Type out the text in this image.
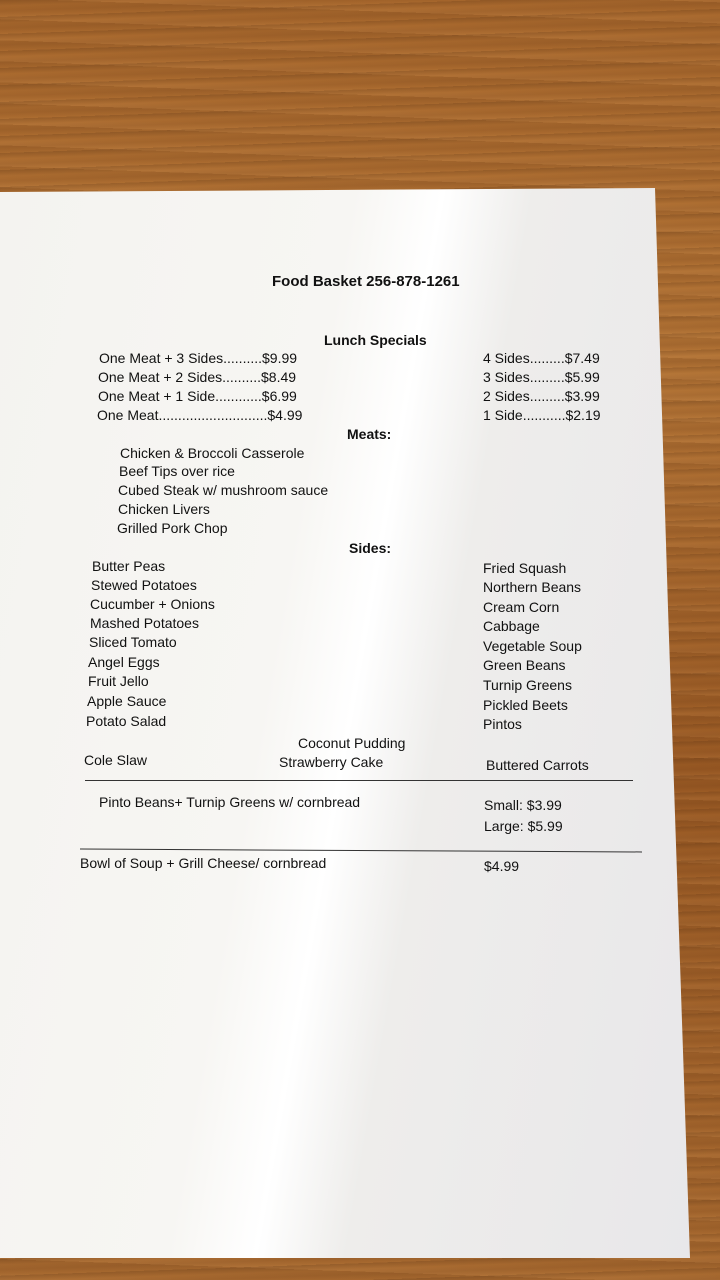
Food Basket 256-878-1261
Lunch Specials
One Meat + 3 Sides..........$9.99
One Meat + 2 Sides..........$8.49
One Meat + 1 Side............$6.99
One Meat............................$4.99
4 Sides.........$7.49
3 Sides.........$5.99
2 Sides.........$3.99
1 Side...........$2.19
Meats:
Chicken & Broccoli Casserole
Beef Tips over rice
Cubed Steak w/ mushroom sauce
Chicken Livers
Grilled Pork Chop
Sides:
Butter Peas
Stewed Potatoes
Cucumber + Onions
Mashed Potatoes
Sliced Tomato
Angel Eggs
Fruit Jello
Apple Sauce
Potato Salad
Cole Slaw
Coconut Pudding
Strawberry Cake
Fried Squash
Northern Beans
Cream Corn
Cabbage
Vegetable Soup
Green Beans
Turnip Greens
Pickled Beets
Pintos
Buttered Carrots
Pinto Beans+ Turnip Greens w/ cornbread	Small: $3.99
Large: $5.99
Bowl of Soup + Grill Cheese/ cornbread	$4.99
